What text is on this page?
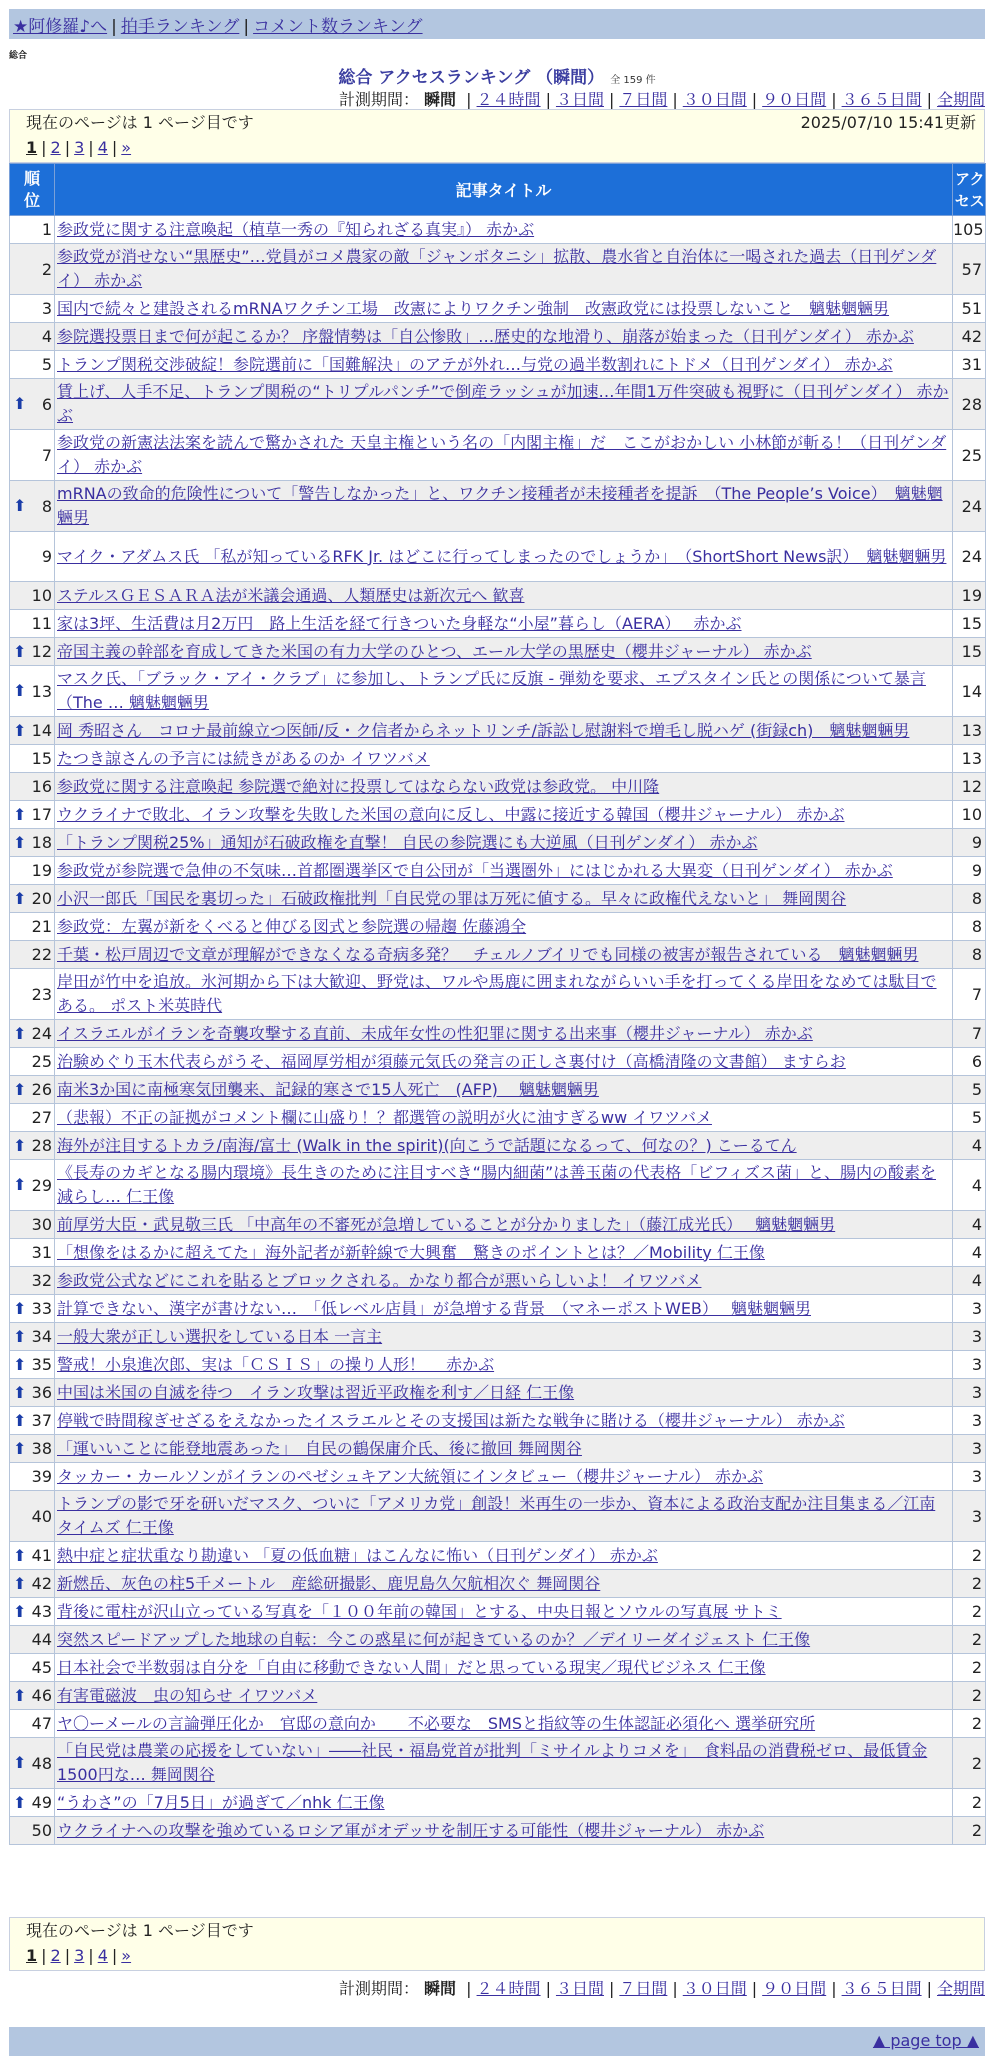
★阿修羅♪へ | 拍手ランキング | コメント数ランキング
総合
総合 アクセスランキング （瞬間） 全 159 件
計測期間： 瞬間 | ２４時間 | ３日間 | ７日間 | ３０日間 | ９０日間 | ３６５日間 | 全期間
現在のページは 1 ページ目です	2025/07/10 15:41更新
1 | 2 | 3 | 4 | »
順位	記事タイトル	アクセス
1	参政党に関する注意喚起（植草一秀の『知られざる真実』） 赤かぶ	105
2	参政党が消せない“黒歴史”…党員がコメ農家の敵「ジャンボタニシ」拡散、農水省と自治体に一喝された過去（日刊ゲンダイ） 赤かぶ	57
3	国内で続々と建設されるmRNAワクチン工場　改憲によりワクチン強制　改憲政党には投票しないこと　魑魅魍魎男	51
4	参院選投票日まで何が起こるか？ 序盤情勢は「自公惨敗」…歴史的な地滑り、崩落が始まった（日刊ゲンダイ） 赤かぶ	42
5	トランプ関税交渉破綻！参院選前に「国難解決」のアテが外れ…与党の過半数割れにトドメ（日刊ゲンダイ） 赤かぶ	31

⬆ 6	賃上げ、人手不足、トランプ関税の“トリプルパンチ”で倒産ラッシュが加速…年間1万件突破も視野に（日刊ゲンダイ） 赤かぶ	28
7	参政党の新憲法法案を読んで驚かされた 天皇主権という名の「内閣主権」だ　ここがおかしい 小林節が斬る！（日刊ゲンダイ） 赤かぶ	25

⬆ 8	mRNAの致命的危険性について「警告しなかった」と、ワクチン接種者が未接種者を提訴　（The People’s Voice）　魑魅魍魎男	24
9	マイク・アダムス氏 「私が知っているRFK Jr. はどこに行ってしまったのでしょうか」　（ShortShort News訳）　魑魅魍魎男	24
10	ステルスＧＥＳＡＲＡ法が米議会通過、人類歴史は新次元へ 歓喜	19
11	家は3坪、生活費は月2万円　路上生活を経て行きついた身軽な“小屋”暮らし（AERA）　 赤かぶ	15

⬆ 12	帝国主義の幹部を育成してきた米国の有力大学のひとつ、エール大学の黒歴史（櫻井ジャーナル） 赤かぶ	15

⬆ 13	マスク氏、「ブラック・アイ・クラブ」に参加し、トランプ氏に反旗 - 弾劾を要求、エプスタイン氏との関係について暴言（The … 魑魅魍魎男	14

⬆ 14	岡 秀昭さん　コロナ最前線立つ医師/反・ク信者からネットリンチ/訴訟し慰謝料で増毛し脱ハゲ (街録ch)　魑魅魍魎男	13
15	たつき諒さんの予言には続きがあるのか イワツバメ	13
16	参政党に関する注意喚起 参院選で絶対に投票してはならない政党は参政党。 中川隆	12

⬆ 17	ウクライナで敗北、イラン攻撃を失敗した米国の意向に反し、中露に接近する韓国（櫻井ジャーナル） 赤かぶ	10

⬆ 18	「トランプ関税25%」通知が石破政権を直撃！ 自民の参院選にも大逆風（日刊ゲンダイ） 赤かぶ	9
19	参政党が参院選で急伸の不気味…首都圏選挙区で自公団が「当選圏外」にはじかれる大異変（日刊ゲンダイ） 赤かぶ	9

⬆ 20	小沢一郎氏「国民を裏切った」石破政権批判「自民党の罪は万死に値する。早々に政権代えないと」 舞岡関谷	8
21	参政党：左翼が新をくべると伸びる図式と参院選の帰趨 佐藤鴻全	8
22	千葉・松戸周辺で文章が理解ができなくなる奇病多発？　チェルノブイリでも同様の被害が報告されている　魑魅魍魎男	8
23	岸田が竹中を追放。氷河期から下は大歓迎、野党は、ワルや馬鹿に囲まれながらいい手を打ってくる岸田をなめては駄目である。 ポスト米英時代	7

⬆ 24	イスラエルがイランを奇襲攻撃する直前、未成年女性の性犯罪に関する出来事（櫻井ジャーナル） 赤かぶ	7
25	治験めぐり玉木代表らがうそ、福岡厚労相が須藤元気氏の発言の正しさ裏付け（高橋清隆の文書館） ますらお	6

⬆ 26	南米3か国に南極寒気団襲来、記録的寒さで15人死亡　(AFP)　 魑魅魍魎男	5
27	（悲報）不正の証拠がコメント欄に山盛り！？都選管の説明が火に油すぎるww イワツバメ	5

⬆ 28	海外が注目するトカラ/南海/富士 (Walk in the spirit)(向こうで話題になるって、何なの？) こーるてん	4

⬆ 29	《長寿のカギとなる腸内環境》長生きのために注目すべき“腸内細菌”は善玉菌の代表格「ビフィズス菌」と、腸内の酸素を減らし… 仁王像	4
30	前厚労大臣・武見敬三氏 「中高年の不審死が急増していることが分かりました」（藤江成光氏）　 魑魅魍魎男	4
31	「想像をはるかに超えてた」海外記者が新幹線で大興奮　驚きのポイントとは？／Mobility 仁王像	4
32	参政党公式などにこれを貼るとブロックされる。かなり都合が悪いらしいよ！ イワツバメ	4

⬆ 33	計算できない、漢字が書けない…　「低レベル店員」が急増する背景　（マネーポストWEB）　 魑魅魍魎男	3

⬆ 34	一般大衆が正しい選択をしている日本 一言主	3

⬆ 35	警戒！小泉進次郎、実は「ＣＳＩＳ」の操り人形！　 赤かぶ	3

⬆ 36	中国は米国の自滅を待つ　イラン攻撃は習近平政権を利す／日経 仁王像	3

⬆ 37	停戦で時間稼ぎせざるをえなかったイスラエルとその支援国は新たな戦争に賭ける（櫻井ジャーナル） 赤かぶ	3

⬆ 38	「運いいことに能登地震あった」　自民の鶴保庸介氏、後に撤回 舞岡関谷	3
39	タッカー・カールソンがイランのペゼシュキアン大統領にインタビュー（櫻井ジャーナル） 赤かぶ	3
40	トランプの影で牙を研いだマスク、ついに「アメリカ党」創設！米再生の一歩か、資本による政治支配か注目集まる／江南タイムズ 仁王像	3

⬆ 41	熱中症と症状重なり勘違い 「夏の低血糖」はこんなに怖い（日刊ゲンダイ） 赤かぶ	2

⬆ 42	新燃岳、灰色の柱5千メートル　産総研撮影、鹿児島久欠航相次ぐ 舞岡関谷	2

⬆ 43	背後に電柱が沢山立っている写真を「１００年前の韓国」とする、中央日報とソウルの写真展 サトミ	2
44	突然スピードアップした地球の自転：今この惑星に何が起きているのか？／デイリーダイジェスト 仁王像	2
45	日本社会で半数弱は自分を「自由に移動できない人間」だと思っている現実／現代ビジネス 仁王像	2

⬆ 46	有害電磁波　虫の知らせ イワツバメ	2
47	ヤ〇ーメールの言論弾圧化か　官邸の意向か　　不必要な　SMSと指紋等の生体認証必須化へ 選挙研究所	2

⬆ 48	「自民党は農業の応援をしていない」――社民・福島党首が批判「ミサイルよりコメを」　食料品の消費税ゼロ、最低賃金1500円な… 舞岡関谷	2

⬆ 49	“うわさ”の「7月5日」が過ぎて／nhk 仁王像	2
50	ウクライナへの攻撃を強めているロシア軍がオデッサを制圧する可能性（櫻井ジャーナル） 赤かぶ	2
現在のページは 1 ページ目です
1 | 2 | 3 | 4 | »
計測期間： 瞬間 | ２４時間 | ３日間 | ７日間 | ３０日間 | ９０日間 | ３６５日間 | 全期間
▲ page top ▲
